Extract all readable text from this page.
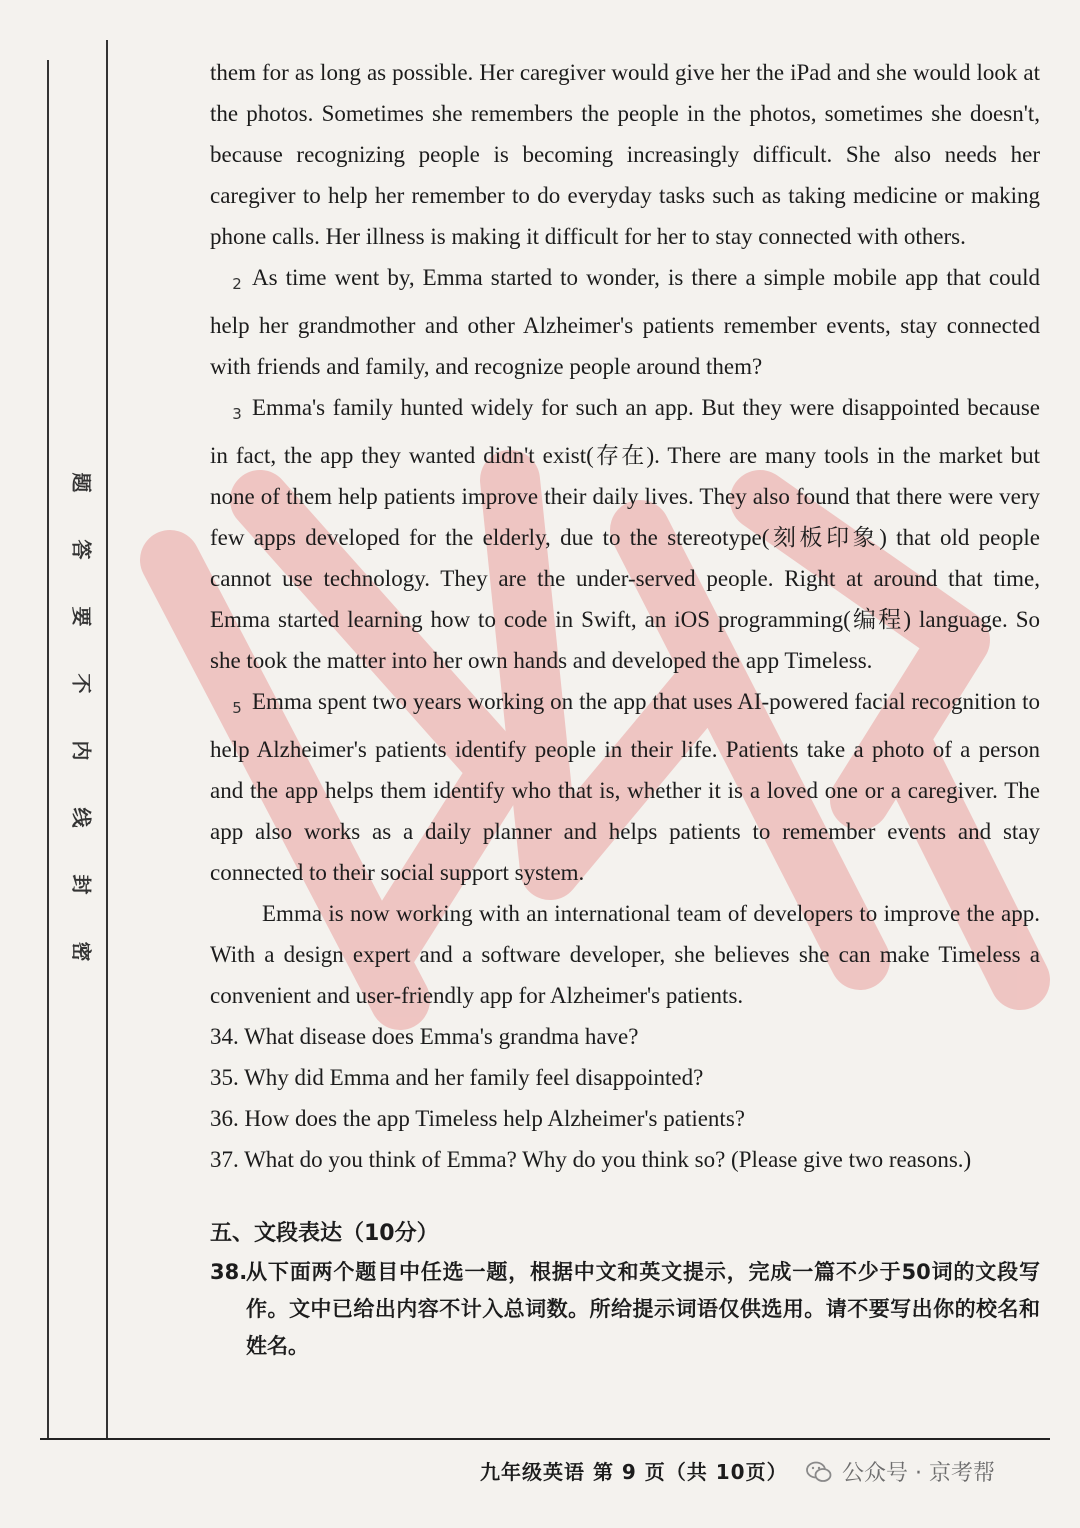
题
答
要
不
内
线
封
密

them for as long as possible. Her caregiver would give her the iPad and she would look at the photos. Sometimes she remembers the people in the photos, sometimes she doesn't, because recognizing people is becoming increasingly difficult. She also needs her caregiver to help her remember to do everyday tasks such as taking medicine or making phone calls. Her illness is making it difficult for her to stay connected with others.

2 As time went by, Emma started to wonder, is there a simple mobile app that could help her grandmother and other Alzheimer's patients remember events, stay connected with friends and family, and recognize people around them?

3 Emma's family hunted widely for such an app. But they were disappointed because in fact, the app they wanted didn't exist(存在). There are many tools in the market but none of them help patients improve their daily lives. They also found that there were very few apps developed for the elderly, due to the stereotype(刻板印象) that old people cannot use technology. They are the under-served people. Right at around that time, Emma started learning how to code in Swift, an iOS programming(编程) language. So she took the matter into her own hands and developed the app Timeless.

5 Emma spent two years working on the app that uses AI-powered facial recognition to help Alzheimer's patients identify people in their life. Patients take a photo of a person and the app helps them identify who that is, whether it is a loved one or a caregiver. The app also works as a daily planner and helps patients to remember events and stay connected to their social support system.

Emma is now working with an international team of developers to improve the app. With a design expert and a software developer, she believes she can make Timeless a convenient and user-friendly app for Alzheimer's patients.

34. What disease does Emma's grandma have?

35. Why did Emma and her family feel disappointed?

36. How does the app Timeless help Alzheimer's patients?

37. What do you think of Emma? Why do you think so? (Please give two reasons.)

五、文段表达（10分）
38.
从下面两个题目中任选一题，根据中文和英文提示，完成一篇不少于50词的文段写作。文中已给出内容不计入总词数。所给提示词语仅供选用。请不要写出你的校名和姓名。
九年级英语 第 9 页（共 10页） 公众号 · 京考帮
